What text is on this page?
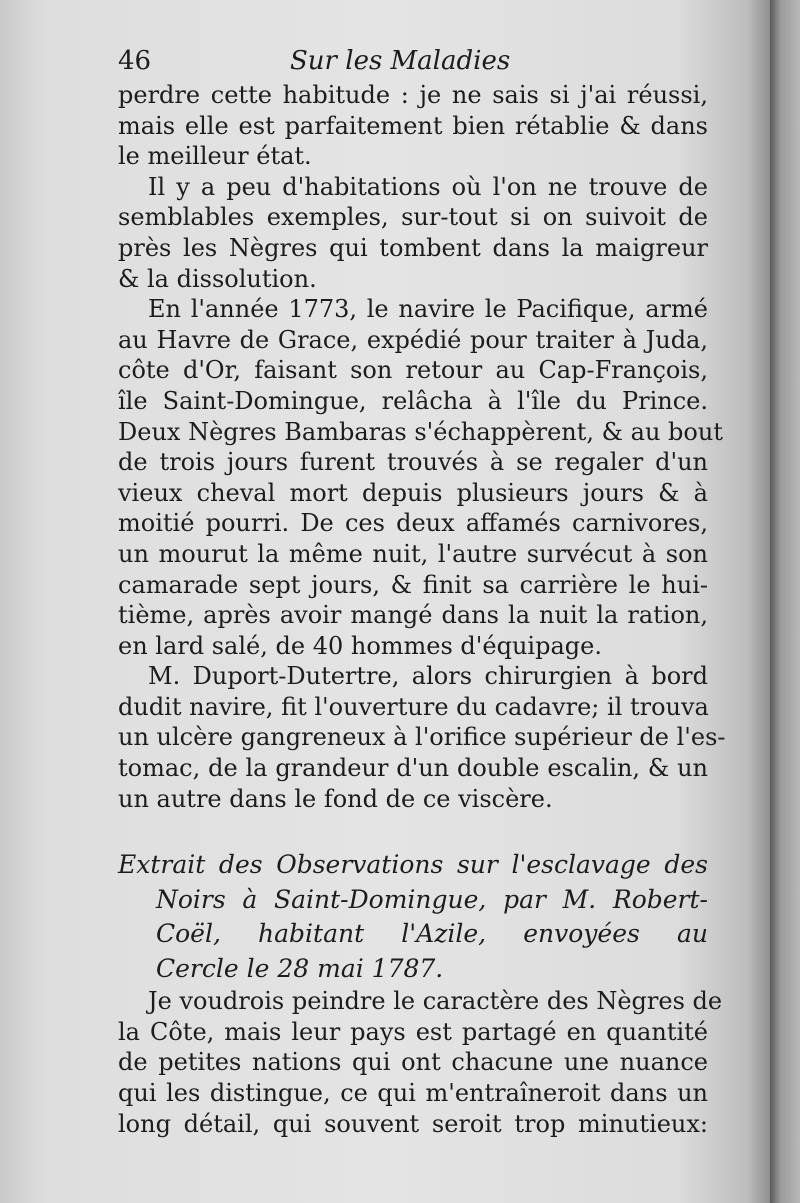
46	Sur les Maladies
perdre cette habitude : je ne sais si j'ai réussi,
mais elle est parfaitement bien rétablie & dans
le meilleur état.
Il y a peu d'habitations où l'on ne trouve de
semblables exemples, sur-tout si on suivoit de
près les Nègres qui tombent dans la maigreur
& la dissolution.
En l'année 1773, le navire le Pacifique, armé
au Havre de Grace, expédié pour traiter à Juda,
côte d'Or, faisant son retour au Cap-François,
île Saint-Domingue, relâcha à l'île du Prince.
Deux Nègres Bambaras s'échappèrent, & au bout
de trois jours furent trouvés à se regaler d'un
vieux cheval mort depuis plusieurs jours & à
moitié pourri. De ces deux affamés carnivores,
un mourut la même nuit, l'autre survécut à son
camarade sept jours, & finit sa carrière le hui-
tième, après avoir mangé dans la nuit la ration,
en lard salé, de 40 hommes d'équipage.
M. Duport-Dutertre, alors chirurgien à bord
dudit navire, fit l'ouverture du cadavre; il trouva
un ulcère gangreneux à l'orifice supérieur de l'es-
tomac, de la grandeur d'un double escalin, & un
un autre dans le fond de ce viscère.
Extrait des Observations sur l'esclavage des
Noirs à Saint-Domingue, par M. Robert-
Coël, habitant l'Azile, envoyées au
Cercle le 28 mai 1787.
Je voudrois peindre le caractère des Nègres de
la Côte, mais leur pays est partagé en quantité
de petites nations qui ont chacune une nuance
qui les distingue, ce qui m'entraîneroit dans un
long détail, qui souvent seroit trop minutieux:
